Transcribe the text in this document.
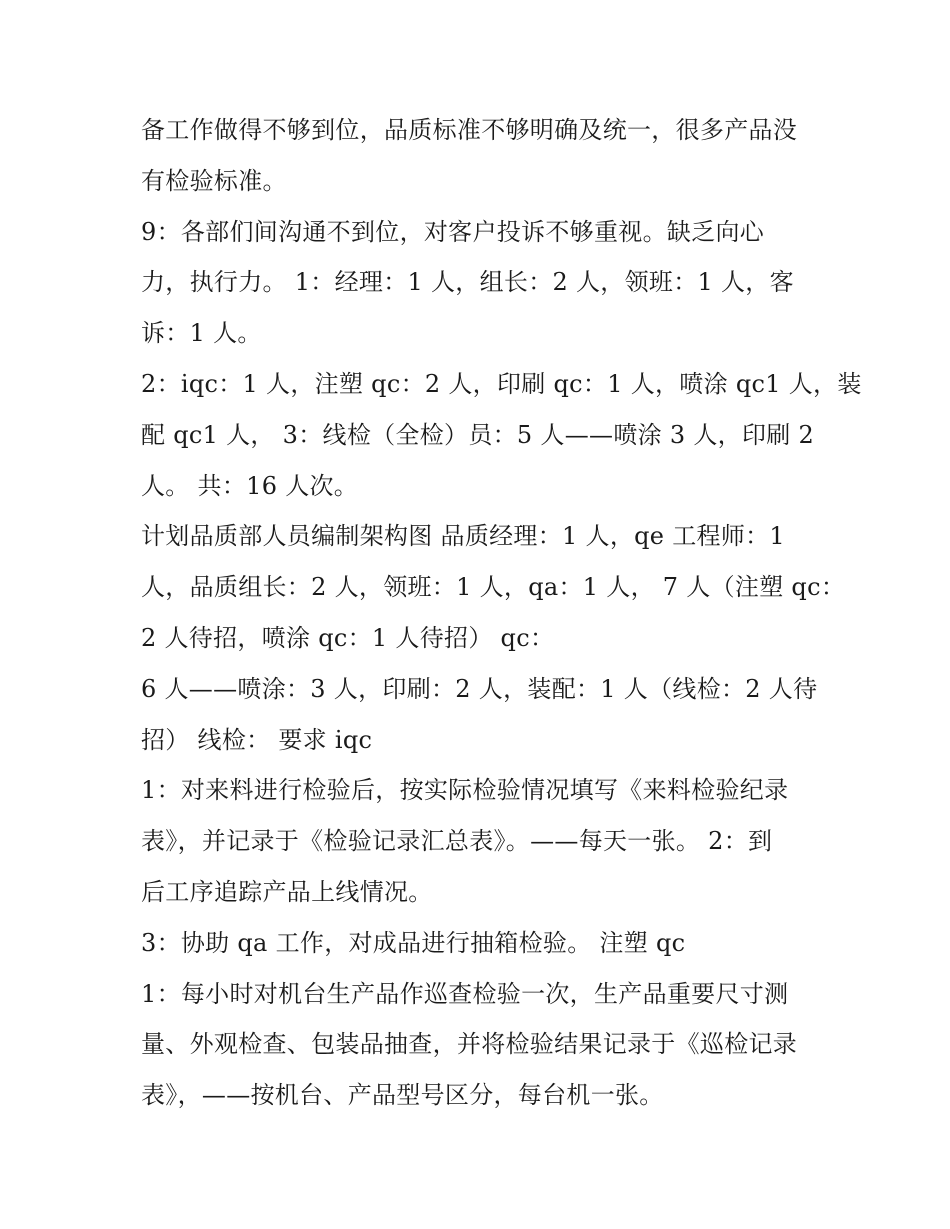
备工作做得不够到位，品质标准不够明确及统一，很多产品没
有检验标准。
9：各部们间沟通不到位，对客户投诉不够重视。缺乏向心
力，执行力。 1：经理：1 人，组长：2 人，领班：1 人，客
诉：1 人。
2：iqc：1 人，注塑 qc：2 人，印刷 qc：1 人，喷涂 qc1 人，装
配 qc1 人， 3：线检（全检）员：5 人——喷涂 3 人，印刷 2
人。 共：16 人次。
计划品质部人员编制架构图 品质经理：1 人，qe 工程师：1
人，品质组长：2 人，领班：1 人，qa：1 人， 7 人（注塑 qc：
2 人待招，喷涂 qc：1 人待招） qc：
6 人——喷涂：3 人，印刷：2 人，装配：1 人（线检：2 人待
招） 线检： 要求 iqc
1：对来料进行检验后，按实际检验情况填写《来料检验纪录
表》，并记录于《检验记录汇总表》。——每天一张。 2：到
后工序追踪产品上线情况。
3：协助 qa 工作，对成品进行抽箱检验。 注塑 qc
1：每小时对机台生产品作巡查检验一次，生产品重要尺寸测
量、外观检查、包装品抽查，并将检验结果记录于《巡检记录
表》，——按机台、产品型号区分，每台机一张。
